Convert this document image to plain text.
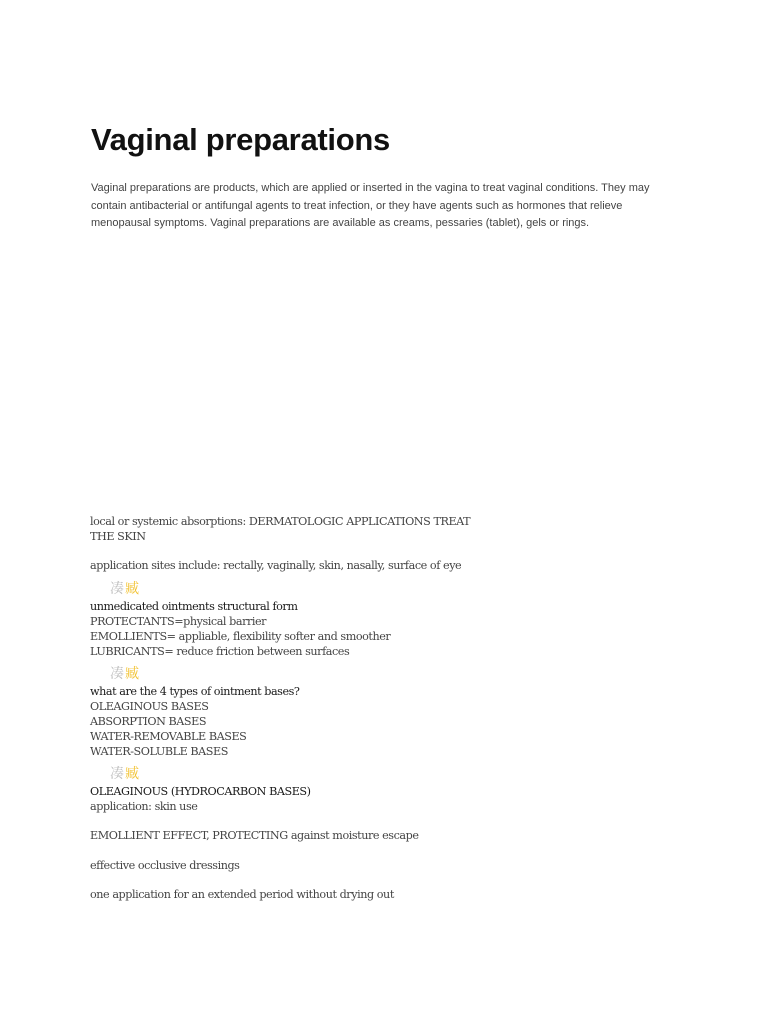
Vaginal preparations

Vaginal preparations are products, which are applied or inserted in the vagina to treat vaginal conditions. They may contain antibacterial or antifungal agents to treat infection, or they have agents such as hormones that relieve menopausal symptoms. Vaginal preparations are available as creams, pessaries (tablet), gels or rings.

local or systemic absorptions: DERMATOLOGIC APPLICATIONS TREAT
THE SKIN
application sites include: rectally, vaginally, skin, nasally, surface of eye
凑臧
unmedicated ointments structural form
PROTECTANTS=physical barrier
EMOLLIENTS= appliable, flexibility softer and smoother
LUBRICANTS= reduce friction between surfaces
凑臧
what are the 4 types of ointment bases?
OLEAGINOUS BASES
ABSORPTION BASES
WATER-REMOVABLE BASES
WATER-SOLUBLE BASES
凑臧
OLEAGINOUS (HYDROCARBON BASES)
application: skin use
EMOLLIENT EFFECT, PROTECTING against moisture escape
effective occlusive dressings
one application for an extended period without drying out
